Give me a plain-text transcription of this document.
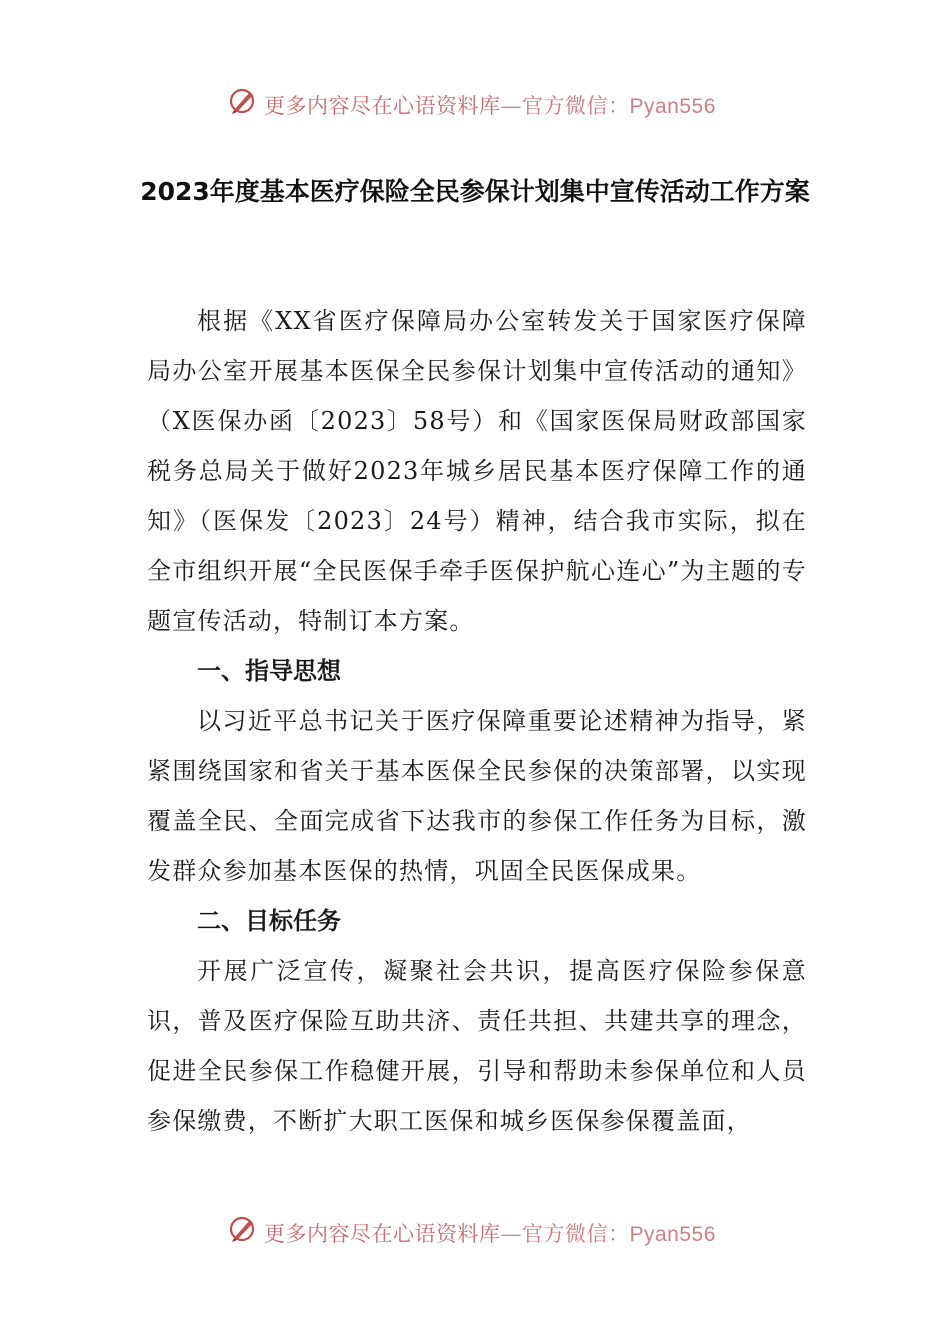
更多内容尽在心语资料库—官方微信：Pyan556
2023年度基本医疗保险全民参保计划集中宣传活动工作方案

根据《XX省医疗保障局办公室转发关于国家医疗保障局办公室开展基本医保全民参保计划集中宣传活动的通知》（X医保办函〔2023〕58号）和《国家医保局财政部国家税务总局关于做好2023年城乡居民基本医疗保障工作的通知》（医保发〔2023〕24号）精神，结合我市实际，拟在全市组织开展“全民医保手牵手医保护航心连心”为主题的专题宣传活动，特制订本方案。

一、指导思想

以习近平总书记关于医疗保障重要论述精神为指导，紧紧围绕国家和省关于基本医保全民参保的决策部署，以实现覆盖全民、全面完成省下达我市的参保工作任务为目标，激发群众参加基本医保的热情，巩固全民医保成果。

二、目标任务

开展广泛宣传，凝聚社会共识，提高医疗保险参保意识，普及医疗保险互助共济、责任共担、共建共享的理念，促进全民参保工作稳健开展，引导和帮助未参保单位和人员参保缴费，不断扩大职工医保和城乡医保参保覆盖面，

更多内容尽在心语资料库—官方微信：Pyan556
